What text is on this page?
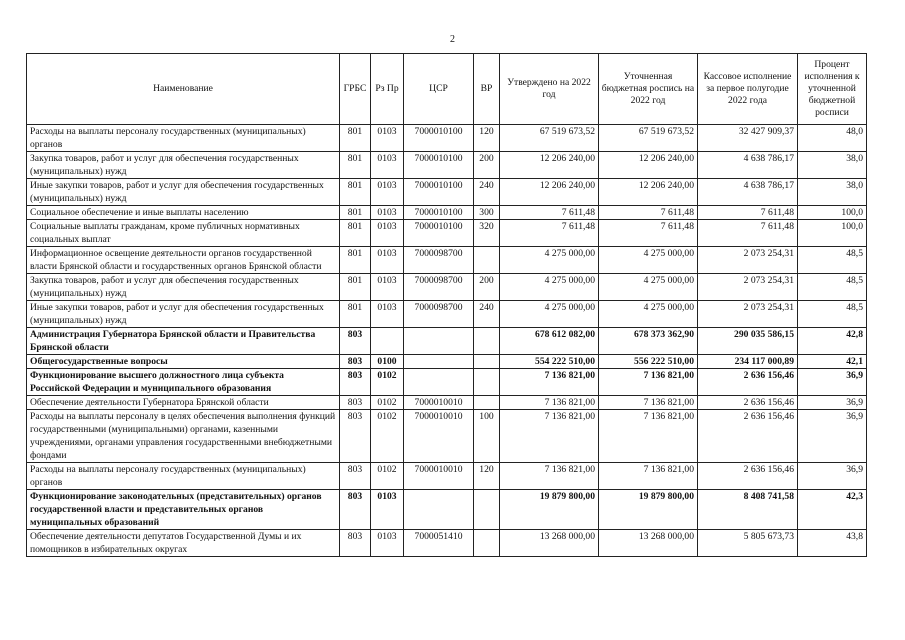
2
Наименование	ГРБС	Рз Пр	ЦСР	ВР	Утверждено на 2022 год	Уточненная бюджетная роспись на 2022 год	Кассовое исполнение за первое полугодие 2022 года	Процент исполнения к уточненной бюджетной росписи
Расходы на выплаты персоналу государственных (муниципальных) органов	801	0103	7000010100	120	67 519 673,52	67 519 673,52	32 427 909,37	48,0
Закупка товаров, работ и услуг для обеспечения государственных (муниципальных) нужд	801	0103	7000010100	200	12 206 240,00	12 206 240,00	4 638 786,17	38,0
Иные закупки товаров, работ и услуг для обеспечения государственных (муниципальных) нужд	801	0103	7000010100	240	12 206 240,00	12 206 240,00	4 638 786,17	38,0
Социальное обеспечение и иные выплаты населению	801	0103	7000010100	300	7 611,48	7 611,48	7 611,48	100,0
Социальные выплаты гражданам, кроме публичных нормативных социальных выплат	801	0103	7000010100	320	7 611,48	7 611,48	7 611,48	100,0
Информационное освещение деятельности органов государственной власти Брянской области и государственных органов Брянской области	801	0103	7000098700		4 275 000,00	4 275 000,00	2 073 254,31	48,5
Закупка товаров, работ и услуг для обеспечения государственных (муниципальных) нужд	801	0103	7000098700	200	4 275 000,00	4 275 000,00	2 073 254,31	48,5
Иные закупки товаров, работ и услуг для обеспечения государственных (муниципальных) нужд	801	0103	7000098700	240	4 275 000,00	4 275 000,00	2 073 254,31	48,5
Администрация Губернатора Брянской области и Правительства Брянской области	803				678 612 082,00	678 373 362,90	290 035 586,15	42,8
Общегосударственные вопросы	803	0100			554 222 510,00	556 222 510,00	234 117 000,89	42,1
Функционирование высшего должностного лица субъекта Российской Федерации и муниципального образования	803	0102			7 136 821,00	7 136 821,00	2 636 156,46	36,9
Обеспечение деятельности Губернатора Брянской области	803	0102	7000010010		7 136 821,00	7 136 821,00	2 636 156,46	36,9
Расходы на выплаты персоналу в целях обеспечения выполнения функций государственными (муниципальными) органами, казенными учреждениями, органами управления государственными внебюджетными фондами	803	0102	7000010010	100	7 136 821,00	7 136 821,00	2 636 156,46	36,9
Расходы на выплаты персоналу государственных (муниципальных) органов	803	0102	7000010010	120	7 136 821,00	7 136 821,00	2 636 156,46	36,9
Функционирование законодательных (представительных) органов государственной власти и представительных органов муниципальных образований	803	0103			19 879 800,00	19 879 800,00	8 408 741,58	42,3
Обеспечение деятельности депутатов Государственной Думы и их помощников в избирательных округах	803	0103	7000051410		13 268 000,00	13 268 000,00	5 805 673,73	43,8
